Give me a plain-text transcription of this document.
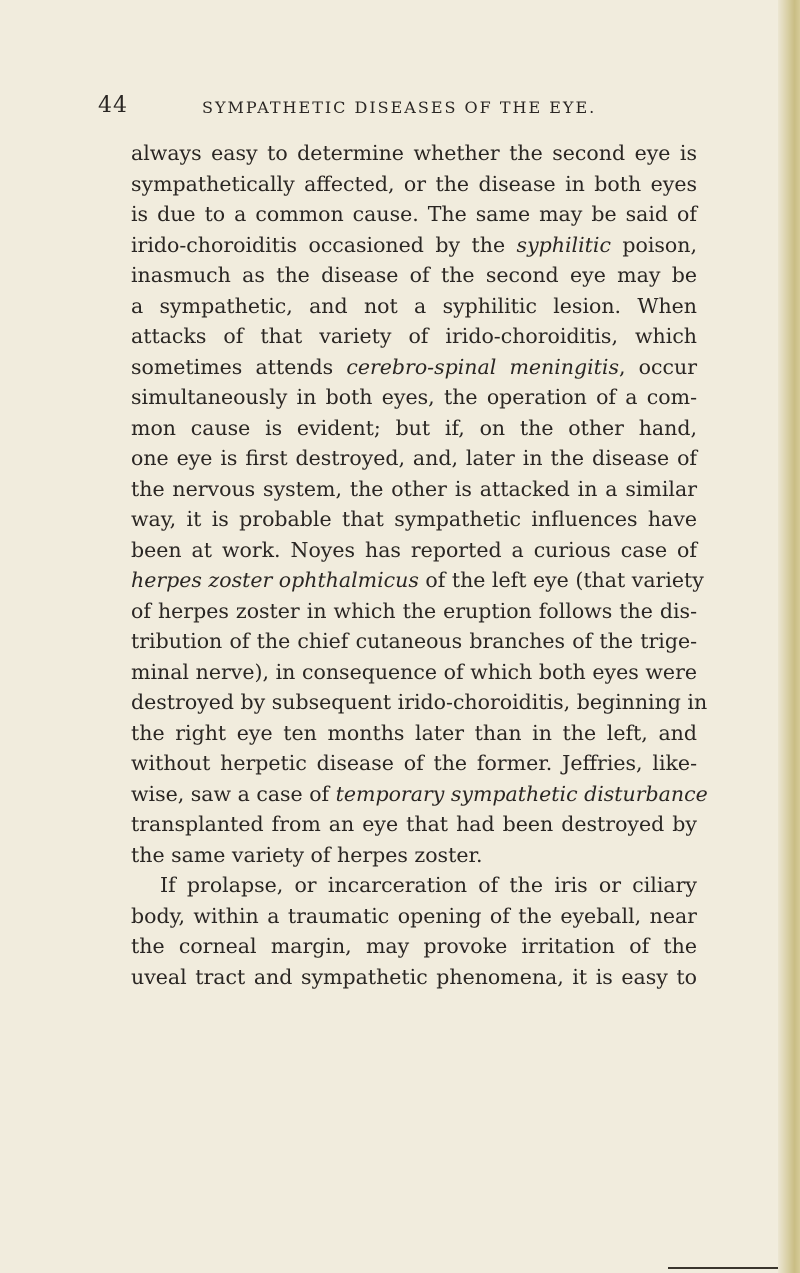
44	SYMPATHETIC DISEASES OF THE EYE.
always easy to determine whether the second eye is
sympathetically affected, or the disease in both eyes
is due to a common cause. The same may be said of
irido-choroiditis occasioned by the syphilitic poison,
inasmuch as the disease of the second eye may be
a sympathetic, and not a syphilitic lesion. When
attacks of that variety of irido-choroiditis, which
sometimes attends cerebro-spinal meningitis, occur
simultaneously in both eyes, the operation of a com-
mon cause is evident; but if, on the other hand,
one eye is first destroyed, and, later in the disease of
the nervous system, the other is attacked in a similar
way, it is probable that sympathetic influences have
been at work. Noyes has reported a curious case of
herpes zoster ophthalmicus of the left eye (that variety
of herpes zoster in which the eruption follows the dis-
tribution of the chief cutaneous branches of the trige-
minal nerve), in consequence of which both eyes were
destroyed by subsequent irido-choroiditis, beginning in
the right eye ten months later than in the left, and
without herpetic disease of the former. Jeffries, like-
wise, saw a case of temporary sympathetic disturbance
transplanted from an eye that had been destroyed by
the same variety of herpes zoster.
If prolapse, or incarceration of the iris or ciliary
body, within a traumatic opening of the eyeball, near
the corneal margin, may provoke irritation of the
uveal tract and sympathetic phenomena, it is easy to
